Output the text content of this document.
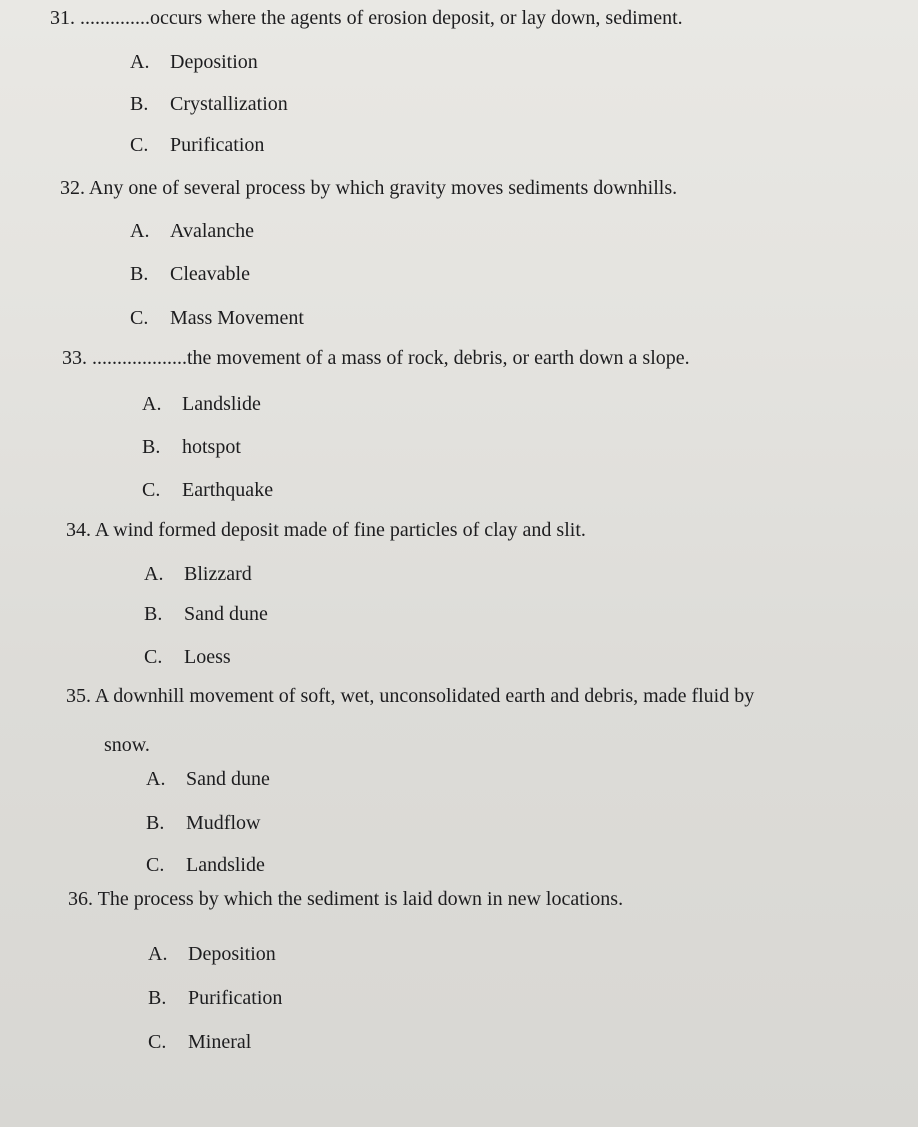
31. ..............occurs where the agents of erosion deposit, or lay down, sediment.
A. Deposition
B. Crystallization
C. Purification
32. Any one of several process by which gravity moves sediments downhills.
A. Avalanche
B. Cleavable
C. Mass Movement
33. ...................the movement of a mass of rock, debris, or earth down a slope.
A. Landslide
B. hotspot
C. Earthquake
34. A wind formed deposit made of fine particles of clay and slit.
A. Blizzard
B. Sand dune
C. Loess
35. A downhill movement of soft, wet, unconsolidated earth and debris, made fluid by
snow.
A. Sand dune
B. Mudflow
C. Landslide
36. The process by which the sediment is laid down in new locations.
A. Deposition
B. Purification
C. Mineral
